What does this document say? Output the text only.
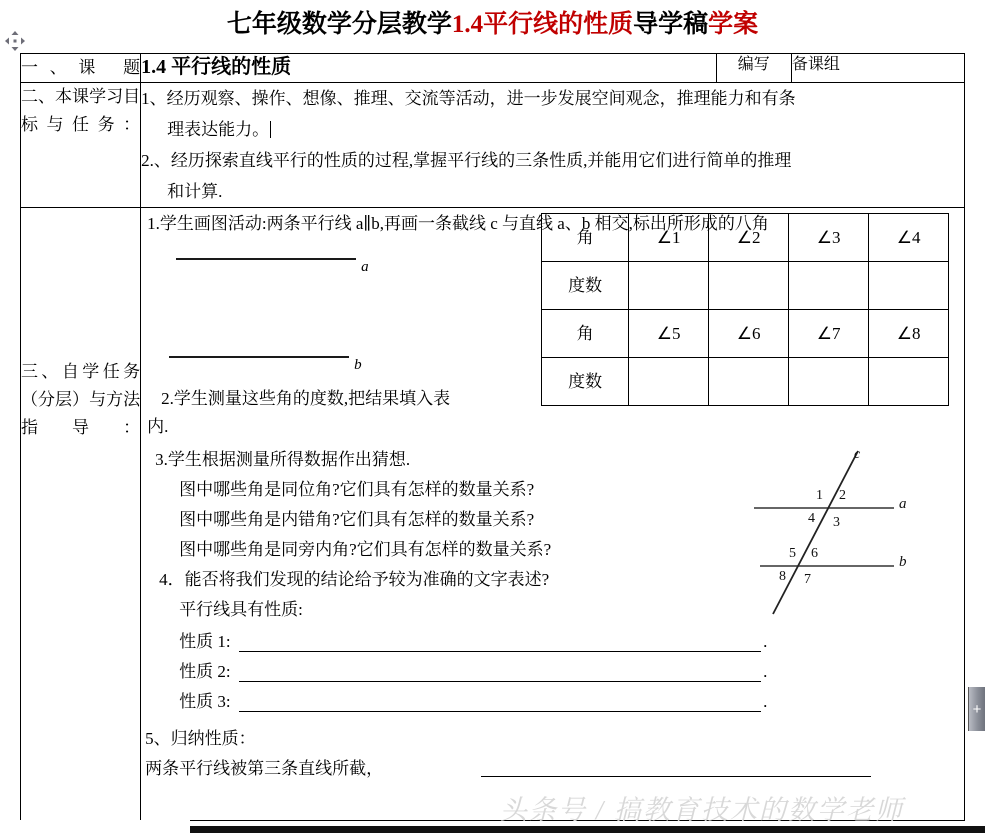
七年级数学分层教学1.4平行线的性质导学稿学案
+
一、课 题	1.4 平行线的性质	编写	备课组
二、本课学习目标与任务：	
1、经历观察、操作、想像、推理、交流等活动，进一步发展空间观念，推理能力和有条
理表达能力。
2.、经历探索直线平行的性质的过程,掌握平行线的三条性质,并能用它们进行简单的推理
和计算.

三、自学任务（分层）与方法指导：

1.学生画图活动:两条平行线 a∥b,再画一条截线 c 与直线 a、b 相交,标出所形成的八角
a
b
2.学生测量这些角的度数,把结果填入表
内.
角	∠1	∠2	∠3	∠4
度数				
角	∠5	∠6	∠7	∠8
度数				
3.学生根据测量所得数据作出猜想.
图中哪些角是同位角?它们具有怎样的数量关系?
图中哪些角是内错角?它们具有怎样的数量关系?
图中哪些角是同旁内角?它们具有怎样的数量关系?
4．能否将我们发现的结论给予较为准确的文字表述?
c
a
b
1 2
3
4
5 6
7
8
平行线具有性质:
性质 1:	.
性质 2:	.
性质 3:	.
5、归纳性质：
两条平行线被第三条直线所截，
头条号 / 搞教育技术的数学老师
